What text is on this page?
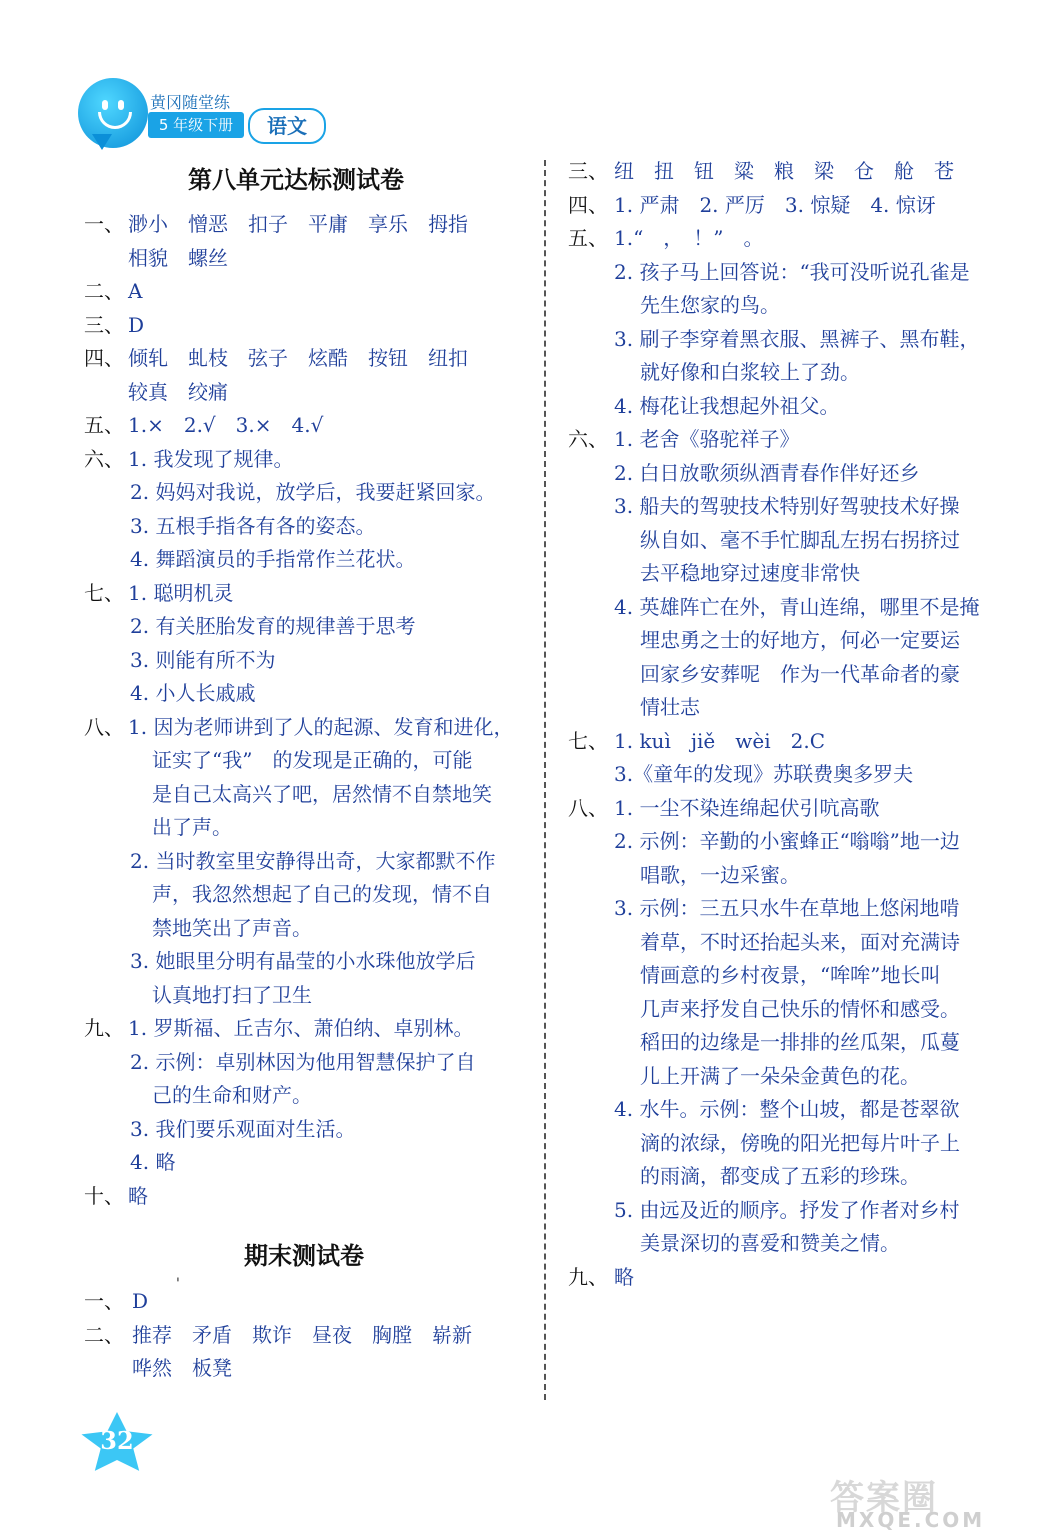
黄冈随堂练
5 年级下册	语文
第八单元达标测试卷
一、 渺小　憎恶　扣子　平庸　享乐　拇指
相貌　螺丝
二、 A
三、 D
四、 倾轧　虬枝　弦子　炫酷　按钮　纽扣
较真　绞痛
五、 1.×　2.√　3.×　4.√
六、 1. 我发现了规律。
2. 妈妈对我说，放学后，我要赶紧回家。
3. 五根手指各有各的姿态。
4. 舞蹈演员的手指常作兰花状。
七、 1. 聪明机灵
2. 有关胚胎发育的规律善于思考
3. 则能有所不为
4. 小人长戚戚
八、 1. 因为老师讲到了人的起源、发育和进化，
证实了“我”　的发现是正确的，可能
是自己太高兴了吧，居然情不自禁地笑
出了声。
2. 当时教室里安静得出奇，大家都默不作
声，我忽然想起了自己的发现，情不自
禁地笑出了声音。
3. 她眼里分明有晶莹的小水珠他放学后
认真地打扫了卫生
九、 1. 罗斯福、丘吉尔、萧伯纳、卓别林。
2. 示例：卓别林因为他用智慧保护了自
己的生命和财产。
3. 我们要乐观面对生活。
4. 略
十、 略
期末测试卷
'
一、 D
二、 推荐　矛盾　欺诈　昼夜　胸膛　崭新
哗然　板凳
三、 纽　扭　钮　粱　粮　梁　仓　舱　苍
四、 1. 严肃　2. 严厉　3. 惊疑　4. 惊讶
五、 1.“　，　！”　。
2. 孩子马上回答说：“我可没听说孔雀是
先生您家的鸟。
3. 刷子李穿着黑衣服、黑裤子、黑布鞋，
就好像和白浆较上了劲。
4. 梅花让我想起外祖父。
六、 1. 老舍《骆驼祥子》
2. 白日放歌须纵酒青春作伴好还乡
3. 船夫的驾驶技术特别好驾驶技术好操
纵自如、毫不手忙脚乱左拐右拐挤过
去平稳地穿过速度非常快
4. 英雄阵亡在外，青山连绵，哪里不是掩
埋忠勇之士的好地方，何必一定要运
回家乡安葬呢　作为一代革命者的豪
情壮志
七、 1. kuì　jiě　wèi　2.C
3.《童年的发现》苏联费奥多罗夫
八、 1. 一尘不染连绵起伏引吭高歌
2. 示例：辛勤的小蜜蜂正“嗡嗡”地一边
唱歌，一边采蜜。
3. 示例：三五只水牛在草地上悠闲地啃
着草，不时还抬起头来，面对充满诗
情画意的乡村夜景，“哞哞”地长叫
几声来抒发自己快乐的情怀和感受。
稻田的边缘是一排排的丝瓜架，瓜蔓
儿上开满了一朵朵金黄色的花。
4. 水牛。示例：整个山坡，都是苍翠欲
滴的浓绿，傍晚的阳光把每片叶子上
的雨滴，都变成了五彩的珍珠。
5. 由远及近的顺序。抒发了作者对乡村
美景深切的喜爱和赞美之情。
九、 略
32
答案圈
MXQE.COM
